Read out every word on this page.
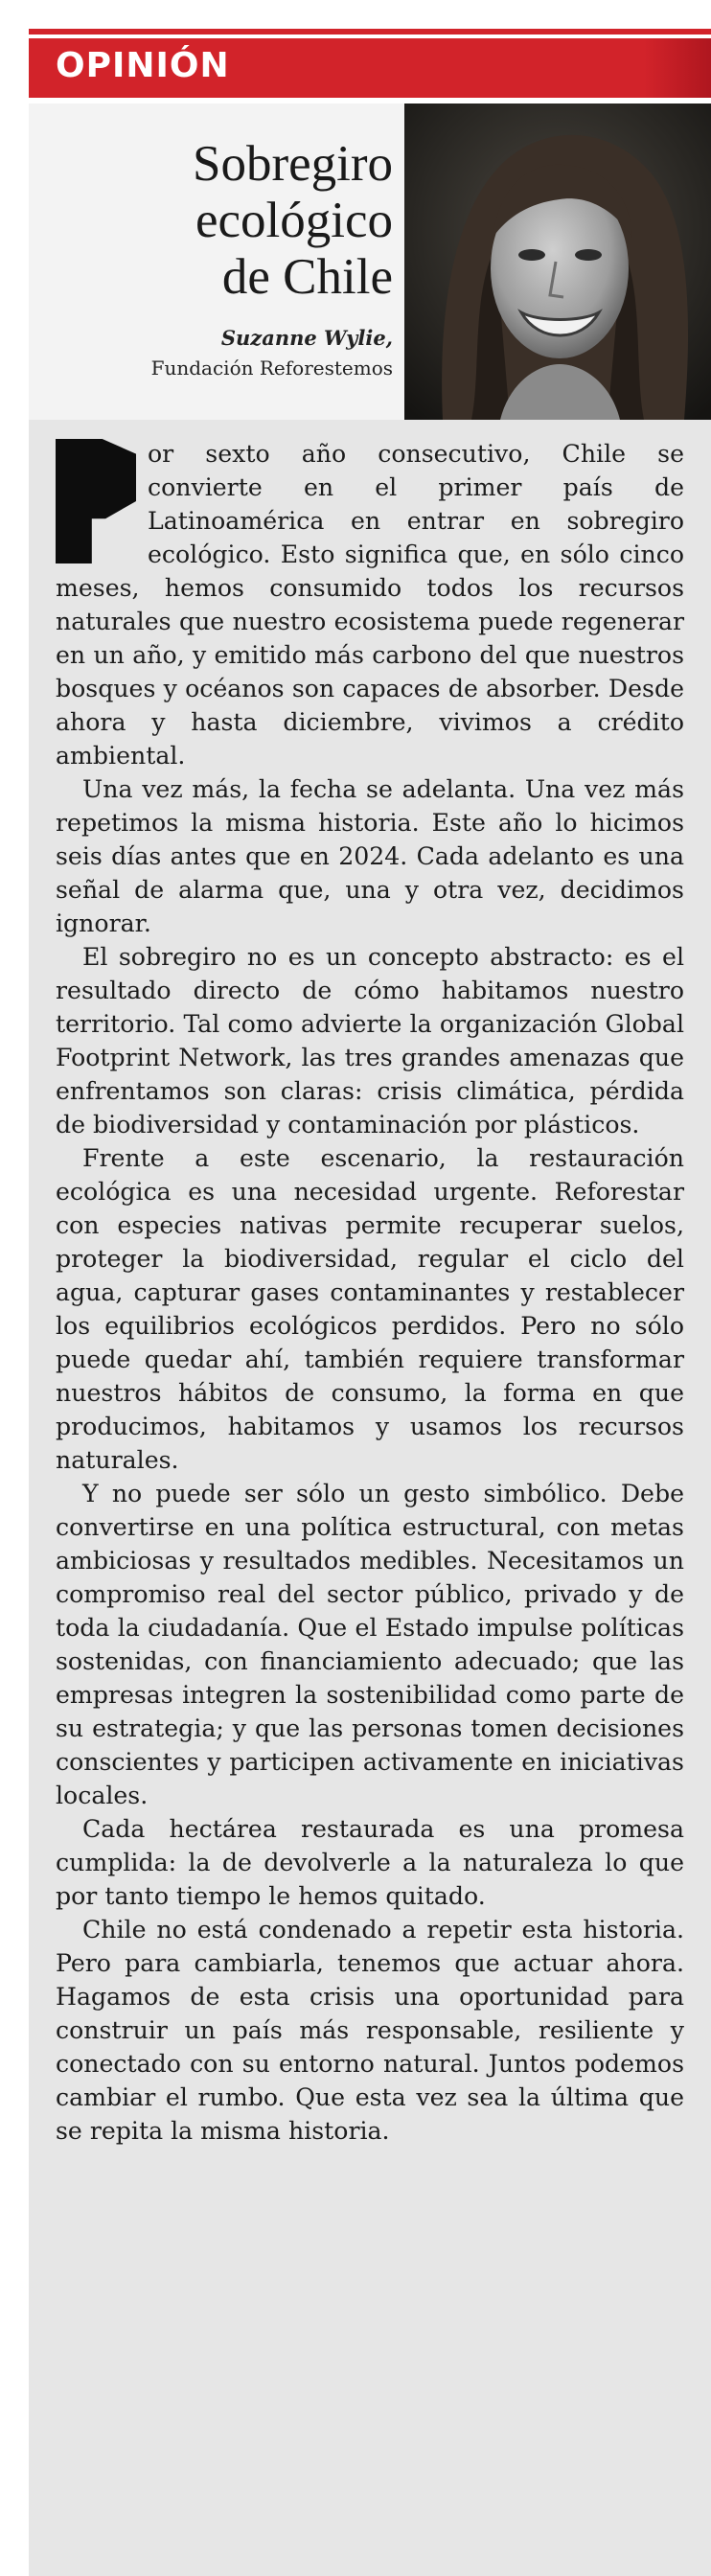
OPINIÓN
Sobregiro
ecológico
de Chile
Suzanne Wylie,
Fundación Reforestemos

or sexto año consecutivo, Chile se convierte en el primer país de Latinoamérica en entrar en sobregiro ecológico. Esto significa que, en sólo cinco meses, hemos consumido todos los recursos naturales que nuestro ecosistema puede regenerar en un año, y emitido más carbono del que nuestros bosques y océanos son capaces de absorber. Desde ahora y hasta diciembre, vivimos a crédito ambiental.

Una vez más, la fecha se adelanta. Una vez más repetimos la misma historia. Este año lo hicimos seis días antes que en 2024. Cada adelanto es una señal de alarma que, una y otra vez, decidimos ignorar.

El sobregiro no es un concepto abstracto: es el resultado directo de cómo habitamos nuestro territorio. Tal como advierte la organización Global Footprint Network, las tres grandes amenazas que enfrentamos son claras: crisis climática, pérdida de biodiversidad y contaminación por plásticos.

Frente a este escenario, la restauración ecológica es una necesidad urgente. Reforestar con especies nativas permite recuperar suelos, proteger la biodiversidad, regular el ciclo del agua, capturar gases contaminantes y restablecer los equilibrios ecológicos perdidos. Pero no sólo puede quedar ahí, también requiere transformar nuestros hábitos de consumo, la forma en que producimos, habitamos y usamos los recursos naturales.

Y no puede ser sólo un gesto simbólico. Debe convertirse en una política estructural, con metas ambiciosas y resultados medibles. Necesitamos un compromiso real del sector público, privado y de toda la ciudadanía. Que el Estado impulse políticas sostenidas, con financiamiento adecuado; que las empresas integren la sostenibilidad como parte de su estrategia; y que las personas tomen decisiones conscientes y participen activamente en iniciativas locales.

Cada hectárea restaurada es una promesa cumplida: la de devolverle a la naturaleza lo que por tanto tiempo le hemos quitado.

Chile no está condenado a repetir esta historia. Pero para cambiarla, tenemos que actuar ahora. Hagamos de esta crisis una oportunidad para construir un país más responsable, resiliente y conectado con su entorno natural. Juntos podemos cambiar el rumbo. Que esta vez sea la última que se repita la misma historia.
